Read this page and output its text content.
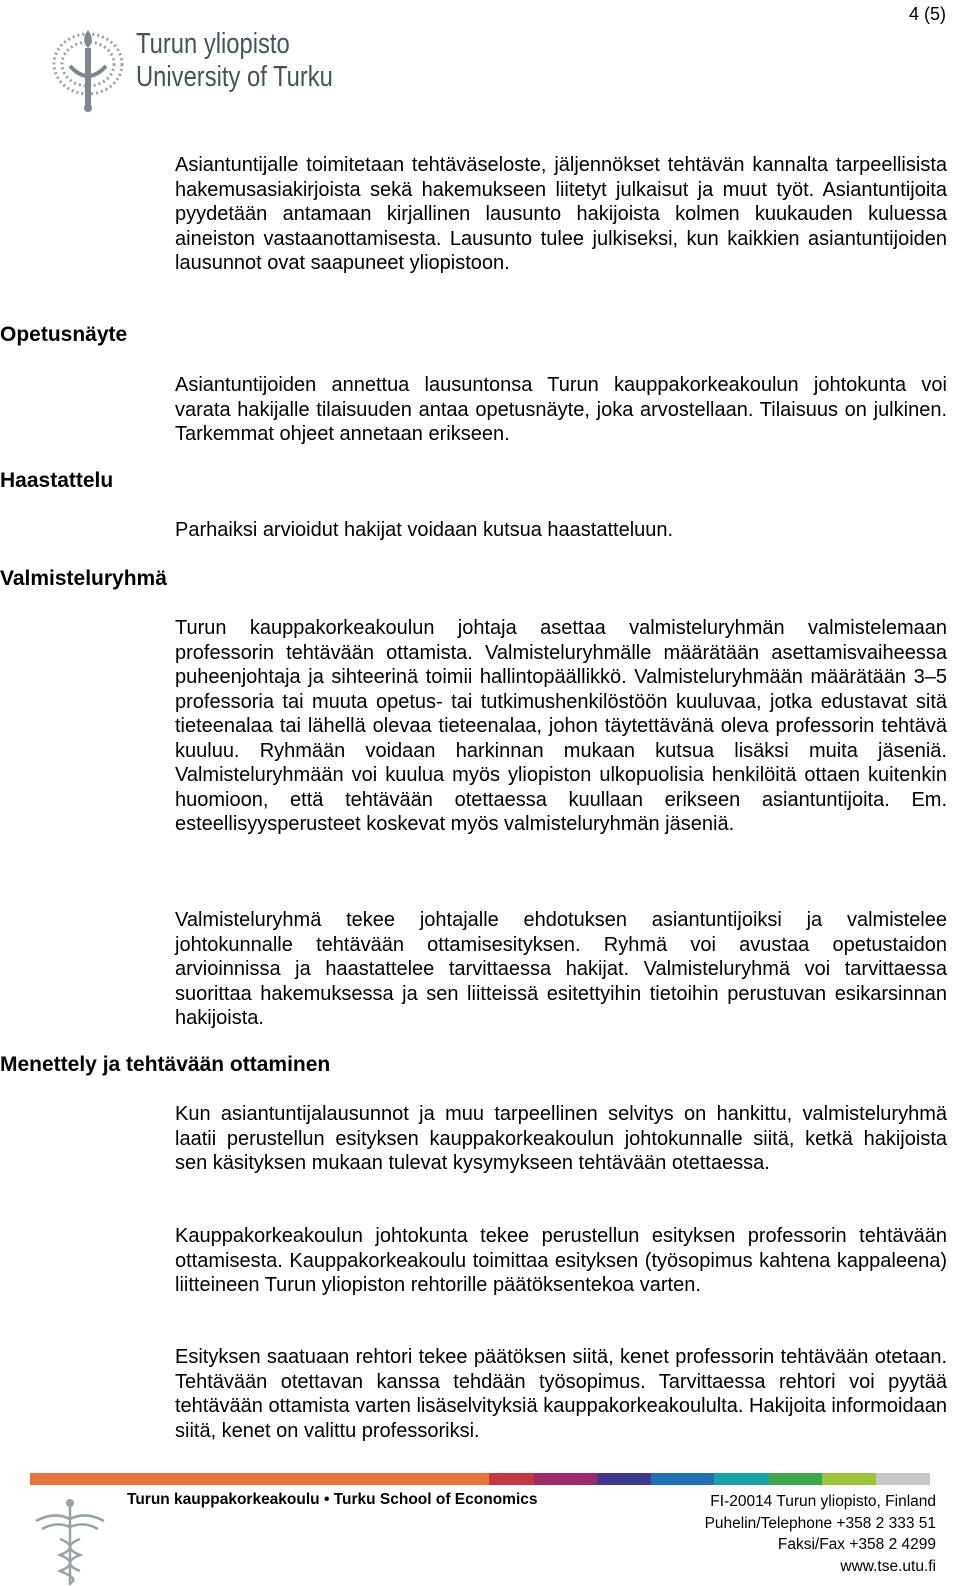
4 (5)
Turun yliopisto
University of Turku

Asiantuntijalle toimitetaan tehtäväseloste, jäljennökset tehtävän kannalta tarpeellisista hakemusasiakirjoista sekä hakemukseen liitetyt julkaisut ja muut työt. Asiantuntijoita pyydetään antamaan kirjallinen lausunto hakijoista kolmen kuukauden kuluessa aineiston vastaanottamisesta. Lausunto tulee julkiseksi, kun kaikkien asiantuntijoiden lausunnot ovat saapuneet yliopistoon.

Opetusnäyte

Asiantuntijoiden annettua lausuntonsa Turun kauppakorkeakoulun johtokunta voi varata hakijalle tilaisuuden antaa opetusnäyte, joka arvostellaan. Tilaisuus on julkinen. Tarkemmat ohjeet annetaan erikseen.

Haastattelu

Parhaiksi arvioidut hakijat voidaan kutsua haastatteluun.

Valmisteluryhmä

Turun kauppakorkeakoulun johtaja asettaa valmisteluryhmän valmistelemaan professorin tehtävään ottamista. Valmisteluryhmälle määrätään asettamisvaiheessa puheenjohtaja ja sihteerinä toimii hallintopäällikkö. Valmisteluryhmään määrätään 3–5 professoria tai muuta opetus- tai tutkimushenkilöstöön kuuluvaa, jotka edustavat sitä tieteenalaa tai lähellä olevaa tieteenalaa, johon täytettävänä oleva professorin tehtävä kuuluu. Ryhmään voidaan harkinnan mukaan kutsua lisäksi muita jäseniä. Valmisteluryhmään voi kuulua myös yliopiston ulkopuolisia henkilöitä ottaen kuitenkin huomioon, että tehtävään otettaessa kuullaan erikseen asiantuntijoita. Em. esteellisyysperusteet koskevat myös valmisteluryhmän jäseniä.

Valmisteluryhmä tekee johtajalle ehdotuksen asiantuntijoiksi ja valmistelee johtokunnalle tehtävään ottamisesityksen. Ryhmä voi avustaa opetustaidon arvioinnissa ja haastattelee tarvittaessa hakijat. Valmisteluryhmä voi tarvittaessa suorittaa hakemuksessa ja sen liitteissä esitettyihin tietoihin perustuvan esikarsinnan hakijoista.

Menettely ja tehtävään ottaminen

Kun asiantuntijalausunnot ja muu tarpeellinen selvitys on hankittu, valmisteluryhmä laatii perustellun esityksen kauppakorkeakoulun johtokunnalle siitä, ketkä hakijoista sen käsityksen mukaan tulevat kysymykseen tehtävään otettaessa.

Kauppakorkeakoulun johtokunta tekee perustellun esityksen professorin tehtävään ottamisesta. Kauppakorkeakoulu toimittaa esityksen (työsopimus kahtena kappaleena) liitteineen Turun yliopiston rehtorille päätöksentekoa varten.

Esityksen saatuaan rehtori tekee päätöksen siitä, kenet professorin tehtävään otetaan. Tehtävään otettavan kanssa tehdään työsopimus. Tarvittaessa rehtori voi pyytää tehtävään ottamista varten lisäselvityksiä kauppakorkeakoululta. Hakijoita informoidaan siitä, kenet on valittu professoriksi.

Turun kauppakorkeakoulu • Turku School of Economics	FI-20014 Turun yliopisto, Finland
Puhelin/Telephone +358 2 333 51
Faksi/Fax +358 2 4299
www.tse.utu.fi
